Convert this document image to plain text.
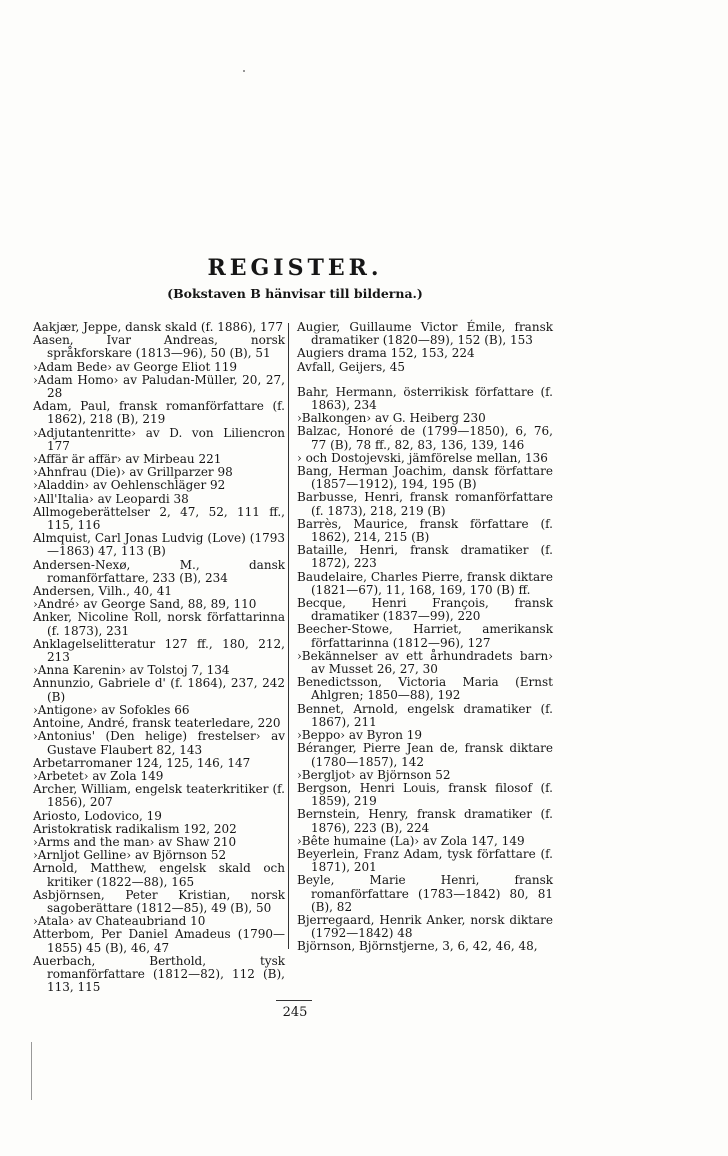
REGISTER.
(Bokstaven B hänvisar till bilderna.)

Aakjær, Jeppe, dansk skald (f. 1886), 177

Aasen, Ivar Andreas, norsk språkforskare (1813—96), 50 (B), 51

›Adam Bede› av George Eliot 119

›Adam Homo› av Paludan-Müller, 20, 27, 28

Adam, Paul, fransk romanförfattare (f. 1862), 218 (B), 219

›Adjutantenritte› av D. von Liliencron 177

›Affär är affär› av Mirbeau 221

›Ahnfrau (Die)› av Grillparzer 98

›Aladdin› av Oehlenschläger 92

›All'Italia› av Leopardi 38

Allmogeberättelser 2, 47, 52, 111 ff., 115, 116

Almquist, Carl Jonas Ludvig (Love) (1793 —1863) 47, 113 (B)

Andersen-Nexø, M., dansk romanförfattare, 233 (B), 234

Andersen, Vilh., 40, 41

›André› av George Sand, 88, 89, 110

Anker, Nicoline Roll, norsk författarinna (f. 1873), 231

Anklagelselitteratur 127 ff., 180, 212, 213

›Anna Karenin› av Tolstoj 7, 134

Annunzio, Gabriele d' (f. 1864), 237, 242 (B)

›Antigone› av Sofokles 66

Antoine, André, fransk teaterledare, 220

›Antonius' (Den helige) frestelser› av Gustave Flaubert 82, 143

Arbetarromaner 124, 125, 146, 147

›Arbetet› av Zola 149

Archer, William, engelsk teaterkritiker (f. 1856), 207

Ariosto, Lodovico, 19

Aristokratisk radikalism 192, 202

›Arms and the man› av Shaw 210

›Arnljot Gelline› av Björnson 52

Arnold, Matthew, engelsk skald och kritiker (1822—88), 165

Asbjörnsen, Peter Kristian, norsk sagoberättare (1812—85), 49 (B), 50

›Atala› av Chateaubriand 10

Atterbom, Per Daniel Amadeus (1790—1855) 45 (B), 46, 47

Auerbach, Berthold, tysk romanförfattare (1812—82), 112 (B), 113, 115

Augier, Guillaume Victor Émile, fransk dramatiker (1820—89), 152 (B), 153

Augiers drama 152, 153, 224

Avfall, Geijers, 45

Bahr, Hermann, österrikisk författare (f. 1863), 234

›Balkongen› av G. Heiberg 230

Balzac, Honoré de (1799—1850), 6, 76, 77 (B), 78 ff., 82, 83, 136, 139, 146

› och Dostojevski, jämförelse mellan, 136

Bang, Herman Joachim, dansk författare (1857—1912), 194, 195 (B)

Barbusse, Henri, fransk romanförfattare (f. 1873), 218, 219 (B)

Barrès, Maurice, fransk författare (f. 1862), 214, 215 (B)

Bataille, Henri, fransk dramatiker (f. 1872), 223

Baudelaire, Charles Pierre, fransk diktare (1821—67), 11, 168, 169, 170 (B) ff.

Becque, Henri François, fransk dramatiker (1837—99), 220

Beecher-Stowe, Harriet, amerikansk författarinna (1812—96), 127

›Bekännelser av ett århundradets barn› av Musset 26, 27, 30

Benedictsson, Victoria Maria (Ernst Ahlgren; 1850—88), 192

Bennet, Arnold, engelsk dramatiker (f. 1867), 211

›Beppo› av Byron 19

Béranger, Pierre Jean de, fransk diktare (1780—1857), 142

›Bergljot› av Björnson 52

Bergson, Henri Louis, fransk filosof (f. 1859), 219

Bernstein, Henry, fransk dramatiker (f. 1876), 223 (B), 224

›Bête humaine (La)› av Zola 147, 149

Beyerlein, Franz Adam, tysk författare (f. 1871), 201

Beyle, Marie Henri, fransk romanförfattare (1783—1842) 80, 81 (B), 82

Bjerregaard, Henrik Anker, norsk diktare (1792—1842) 48

Björnson, Björnstjerne, 3, 6, 42, 46, 48,

245
